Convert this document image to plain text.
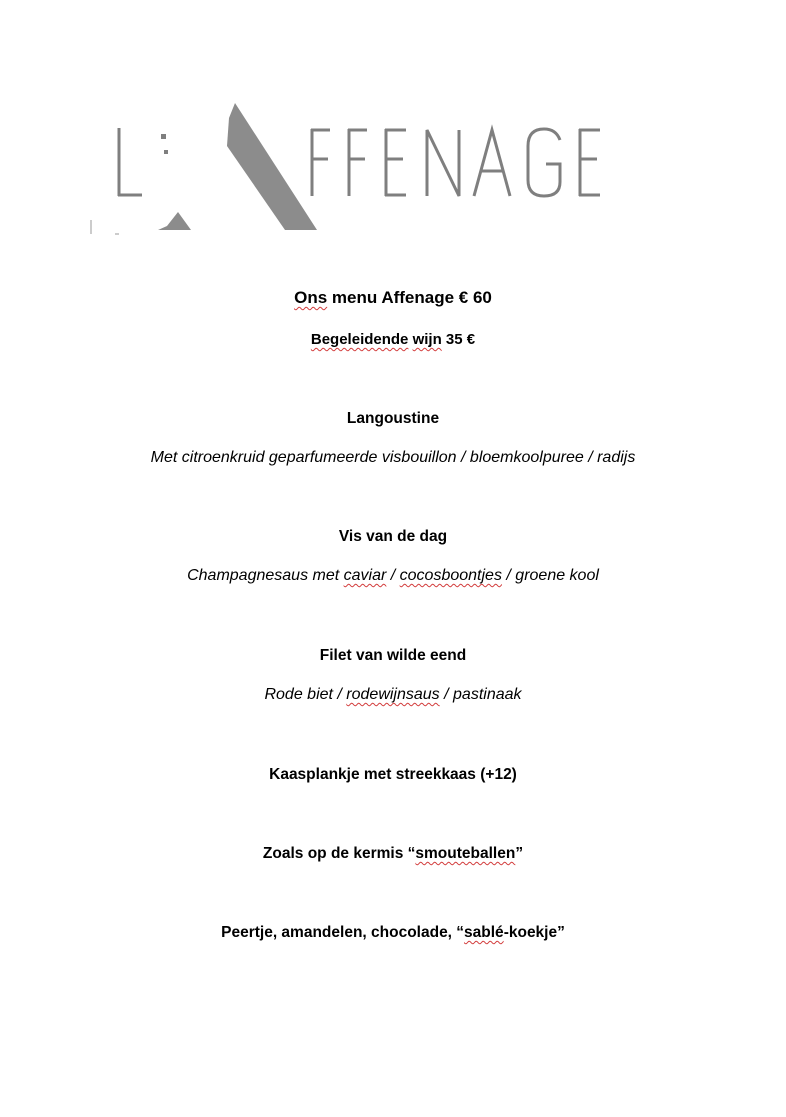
Ons menu Affenage € 60
Begeleidende wijn 35 €
Langoustine
Met citroenkruid geparfumeerde visbouillon / bloemkoolpuree / radijs
Vis van de dag
Champagnesaus met caviar / cocosboontjes / groene kool
Filet van wilde eend
Rode biet / rodewijnsaus / pastinaak
Kaasplankje met streekkaas (+12)
Zoals op de kermis “smouteballen”
Peertje, amandelen, chocolade, “sablé-koekje”
